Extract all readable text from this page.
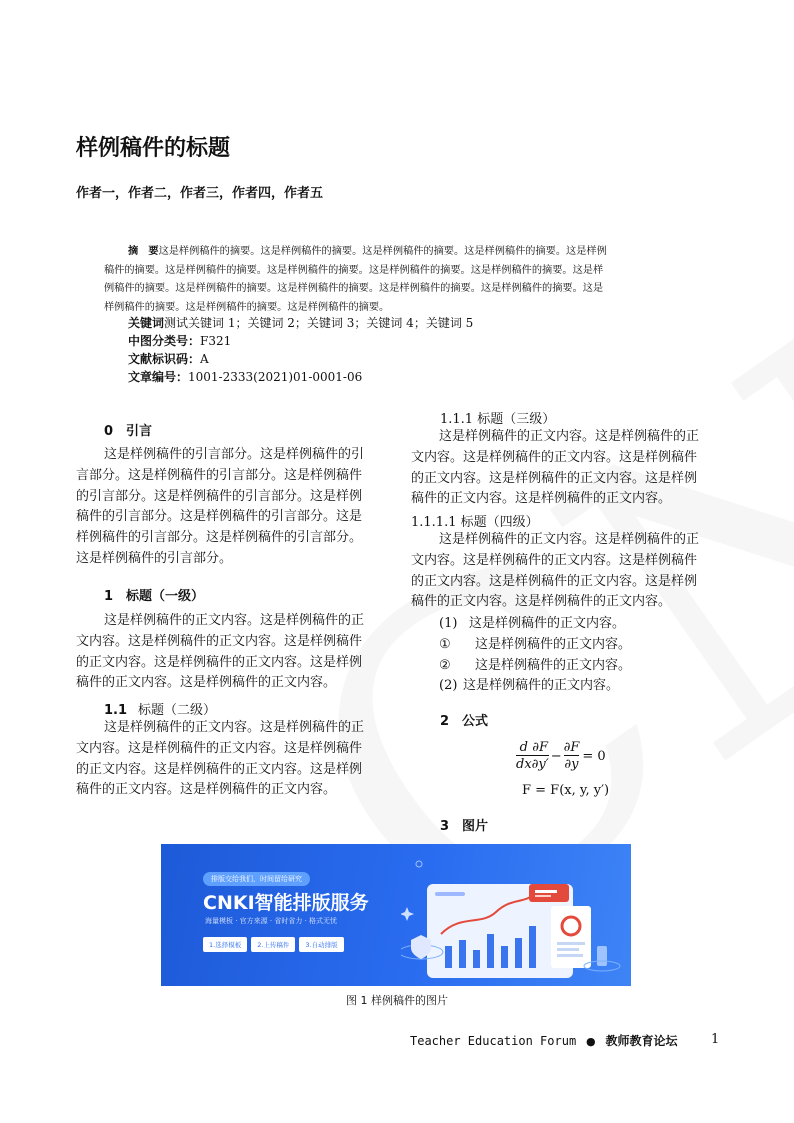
样例稿件的标题
作者一，作者二，作者三，作者四，作者五
摘　要这是样例稿件的摘要。这是样例稿件的摘要。这是样例稿件的摘要。这是样例稿件的摘要。这是样例
稿件的摘要。这是样例稿件的摘要。这是样例稿件的摘要。这是样例稿件的摘要。这是样例稿件的摘要。这是样
例稿件的摘要。这是样例稿件的摘要。这是样例稿件的摘要。这是样例稿件的摘要。这是样例稿件的摘要。这是
样例稿件的摘要。这是样例稿件的摘要。这是样例稿件的摘要。
关键词测试关键词 1；关键词 2；关键词 3；关键词 4；关键词 5
中图分类号：F321
文献标识码：A
文章编号：1001-2333(2021)01-0001-06
0 引言
这是样例稿件的引言部分。这是样例稿件的引
言部分。这是样例稿件的引言部分。这是样例稿件
的引言部分。这是样例稿件的引言部分。这是样例
稿件的引言部分。这是样例稿件的引言部分。这是
样例稿件的引言部分。这是样例稿件的引言部分。
这是样例稿件的引言部分。
1 标题（一级）
这是样例稿件的正文内容。这是样例稿件的正
文内容。这是样例稿件的正文内容。这是样例稿件
的正文内容。这是样例稿件的正文内容。这是样例
稿件的正文内容。这是样例稿件的正文内容。
1.1 标题（二级）
这是样例稿件的正文内容。这是样例稿件的正
文内容。这是样例稿件的正文内容。这是样例稿件
的正文内容。这是样例稿件的正文内容。这是样例
稿件的正文内容。这是样例稿件的正文内容。
1.1.1 标题（三级）
这是样例稿件的正文内容。这是样例稿件的正
文内容。这是样例稿件的正文内容。这是样例稿件
的正文内容。这是样例稿件的正文内容。这是样例
稿件的正文内容。这是样例稿件的正文内容。
1.1.1.1 标题（四级）
这是样例稿件的正文内容。这是样例稿件的正
文内容。这是样例稿件的正文内容。这是样例稿件
的正文内容。这是样例稿件的正文内容。这是样例
稿件的正文内容。这是样例稿件的正文内容。
(1) 这是样例稿件的正文内容。
① 这是样例稿件的正文内容。
② 这是样例稿件的正文内容。
(2) 这是样例稿件的正文内容。
2 公式
$\frac{d}{dx} \frac{\partial F}{\partial y'} - \frac{\partial F}{\partial y} = 0$
F = F(x, y, y′)
3 图片
排版交给我们，时间留给研究
CNKI智能排版服务
海量模板 · 官方来源 · 省时省力 · 格式无忧
1.选择模板	2.上传稿件	3.自动排版
图 1 样例稿件的图片
Teacher Education Forum ● 教师教育论坛	1
